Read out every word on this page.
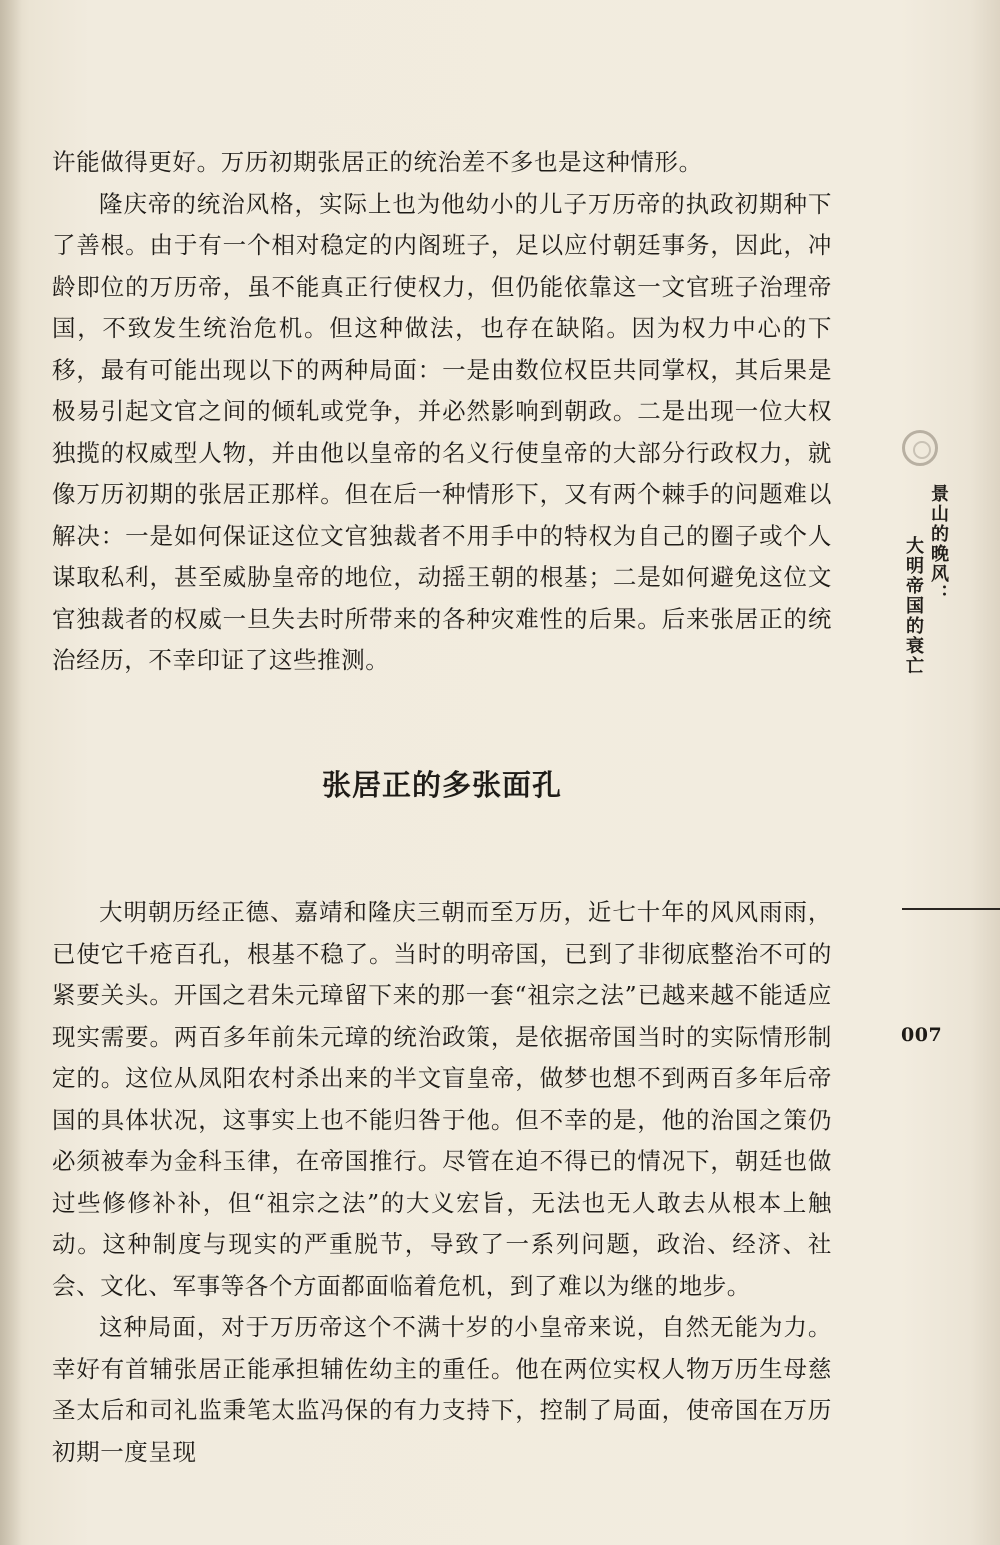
许能做得更好。万历初期张居正的统治差不多也是这种情形。

隆庆帝的统治风格，实际上也为他幼小的儿子万历帝的执政初期种下了善根。由于有一个相对稳定的内阁班子，足以应付朝廷事务，因此，冲龄即位的万历帝，虽不能真正行使权力，但仍能依靠这一文官班子治理帝国，不致发生统治危机。但这种做法，也存在缺陷。因为权力中心的下移，最有可能出现以下的两种局面：一是由数位权臣共同掌权，其后果是极易引起文官之间的倾轧或党争，并必然影响到朝政。二是出现一位大权独揽的权威型人物，并由他以皇帝的名义行使皇帝的大部分行政权力，就像万历初期的张居正那样。但在后一种情形下，又有两个棘手的问题难以解决：一是如何保证这位文官独裁者不用手中的特权为自己的圈子或个人谋取私利，甚至威胁皇帝的地位，动摇王朝的根基；二是如何避免这位文官独裁者的权威一旦失去时所带来的各种灾难性的后果。后来张居正的统治经历，不幸印证了这些推测。

张居正的多张面孔

大明朝历经正德、嘉靖和隆庆三朝而至万历，近七十年的风风雨雨，已使它千疮百孔，根基不稳了。当时的明帝国，已到了非彻底整治不可的紧要关头。开国之君朱元璋留下来的那一套“祖宗之法”已越来越不能适应现实需要。两百多年前朱元璋的统治政策，是依据帝国当时的实际情形制定的。这位从凤阳农村杀出来的半文盲皇帝，做梦也想不到两百多年后帝国的具体状况，这事实上也不能归咎于他。但不幸的是，他的治国之策仍必须被奉为金科玉律，在帝国推行。尽管在迫不得已的情况下，朝廷也做过些修修补补，但“祖宗之法”的大义宏旨，无法也无人敢去从根本上触动。这种制度与现实的严重脱节，导致了一系列问题，政治、经济、社会、文化、军事等各个方面都面临着危机，到了难以为继的地步。

这种局面，对于万历帝这个不满十岁的小皇帝来说，自然无能为力。幸好有首辅张居正能承担辅佐幼主的重任。他在两位实权人物万历生母慈圣太后和司礼监秉笔太监冯保的有力支持下，控制了局面，使帝国在万历初期一度呈现

景山的晚风：
大明帝国的衰亡
007
